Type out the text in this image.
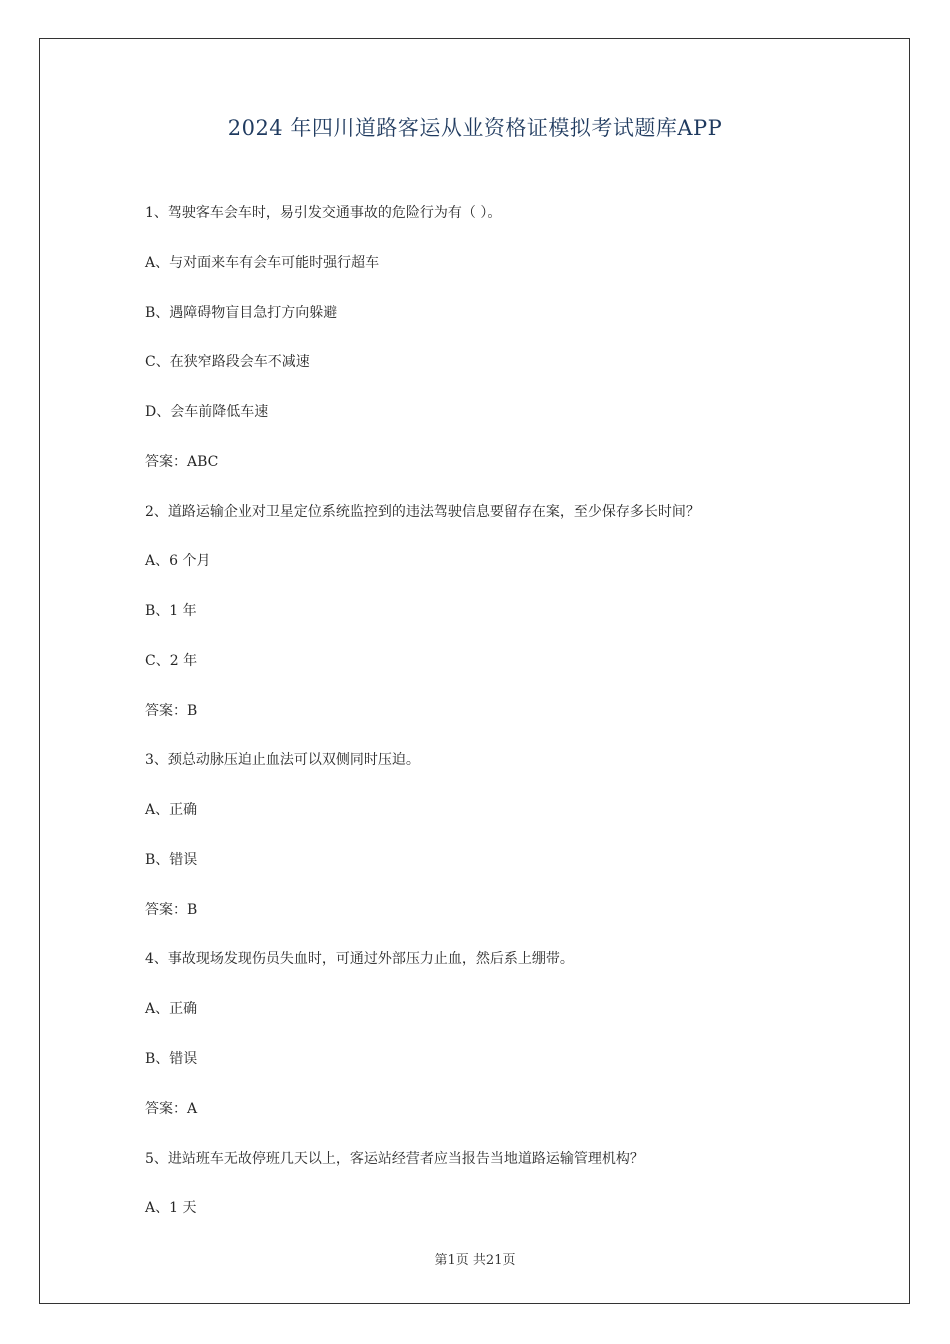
2024 年四川道路客运从业资格证模拟考试题库APP
1、驾驶客车会车时，易引发交通事故的危险行为有（ ）。
A、与对面来车有会车可能时强行超车
B、遇障碍物盲目急打方向躲避
C、在狭窄路段会车不减速
D、会车前降低车速
答案：ABC
2、道路运输企业对卫星定位系统监控到的违法驾驶信息要留存在案，至少保存多长时间？
A、6 个月
B、1 年
C、2 年
答案：B
3、颈总动脉压迫止血法可以双侧同时压迫。
A、正确
B、错误
答案：B
4、事故现场发现伤员失血时，可通过外部压力止血，然后系上绷带。
A、正确
B、错误
答案：A
5、进站班车无故停班几天以上，客运站经营者应当报告当地道路运输管理机构？
A、1 天
第1页 共21页
